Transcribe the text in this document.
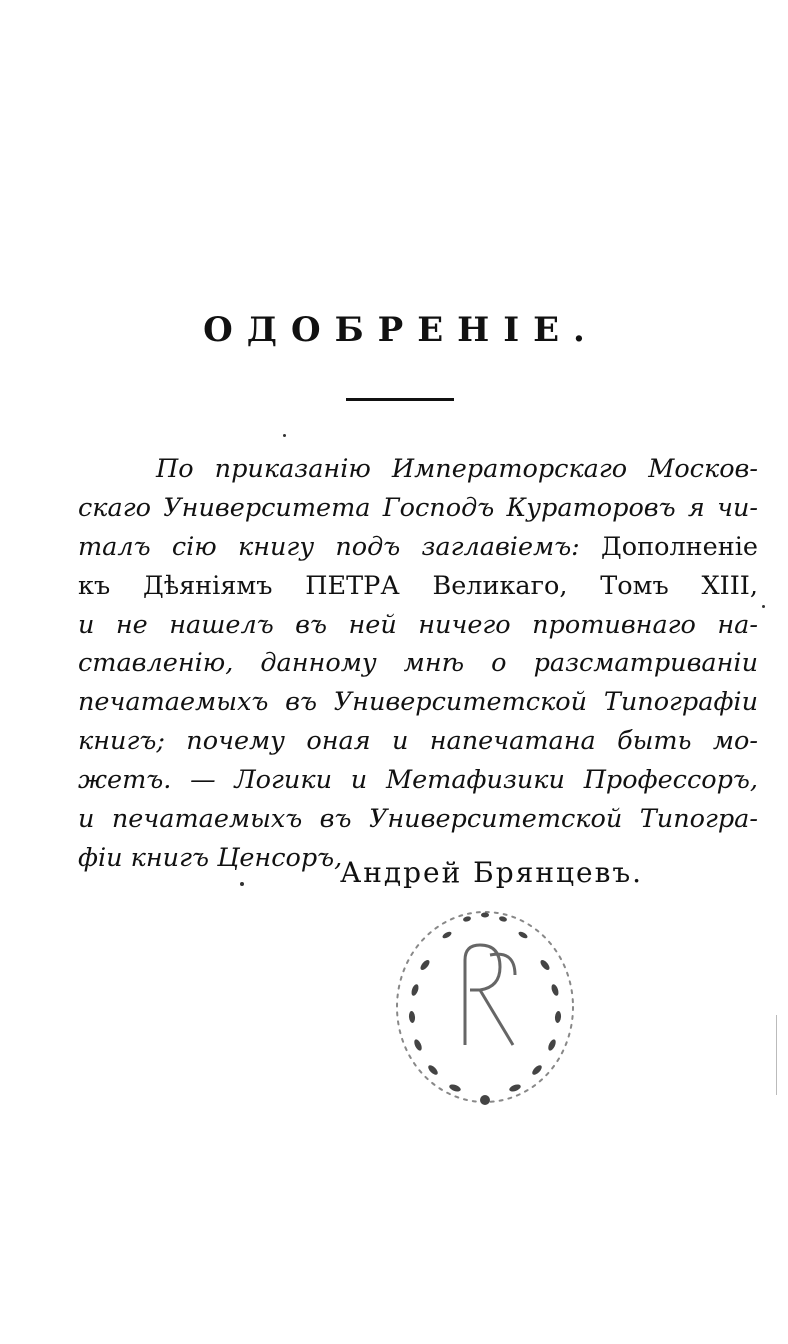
ОДОБРЕНІЕ.
По приказанію Императорскаго Москов-
скаго Университета Господъ Кураторовъ я чи-
талъ сію книгу подъ заглавіемъ: Дополненіе
къ Дѣяніямъ ПЕТРА Великаго, Томъ XIII,
и не нашелъ въ ней ничего противнаго на-
ставленію, данному мнѣ о разсматриваніи
печатаемыхъ въ Университетской Типографіи
книгъ; почему оная и напечатана быть мо-
жетъ. — Логики и Метафизики Профессоръ,
и печатаемыхъ въ Университетской Типогра-
фіи книгъ Ценсоръ,
Андрей Брянцевъ.
